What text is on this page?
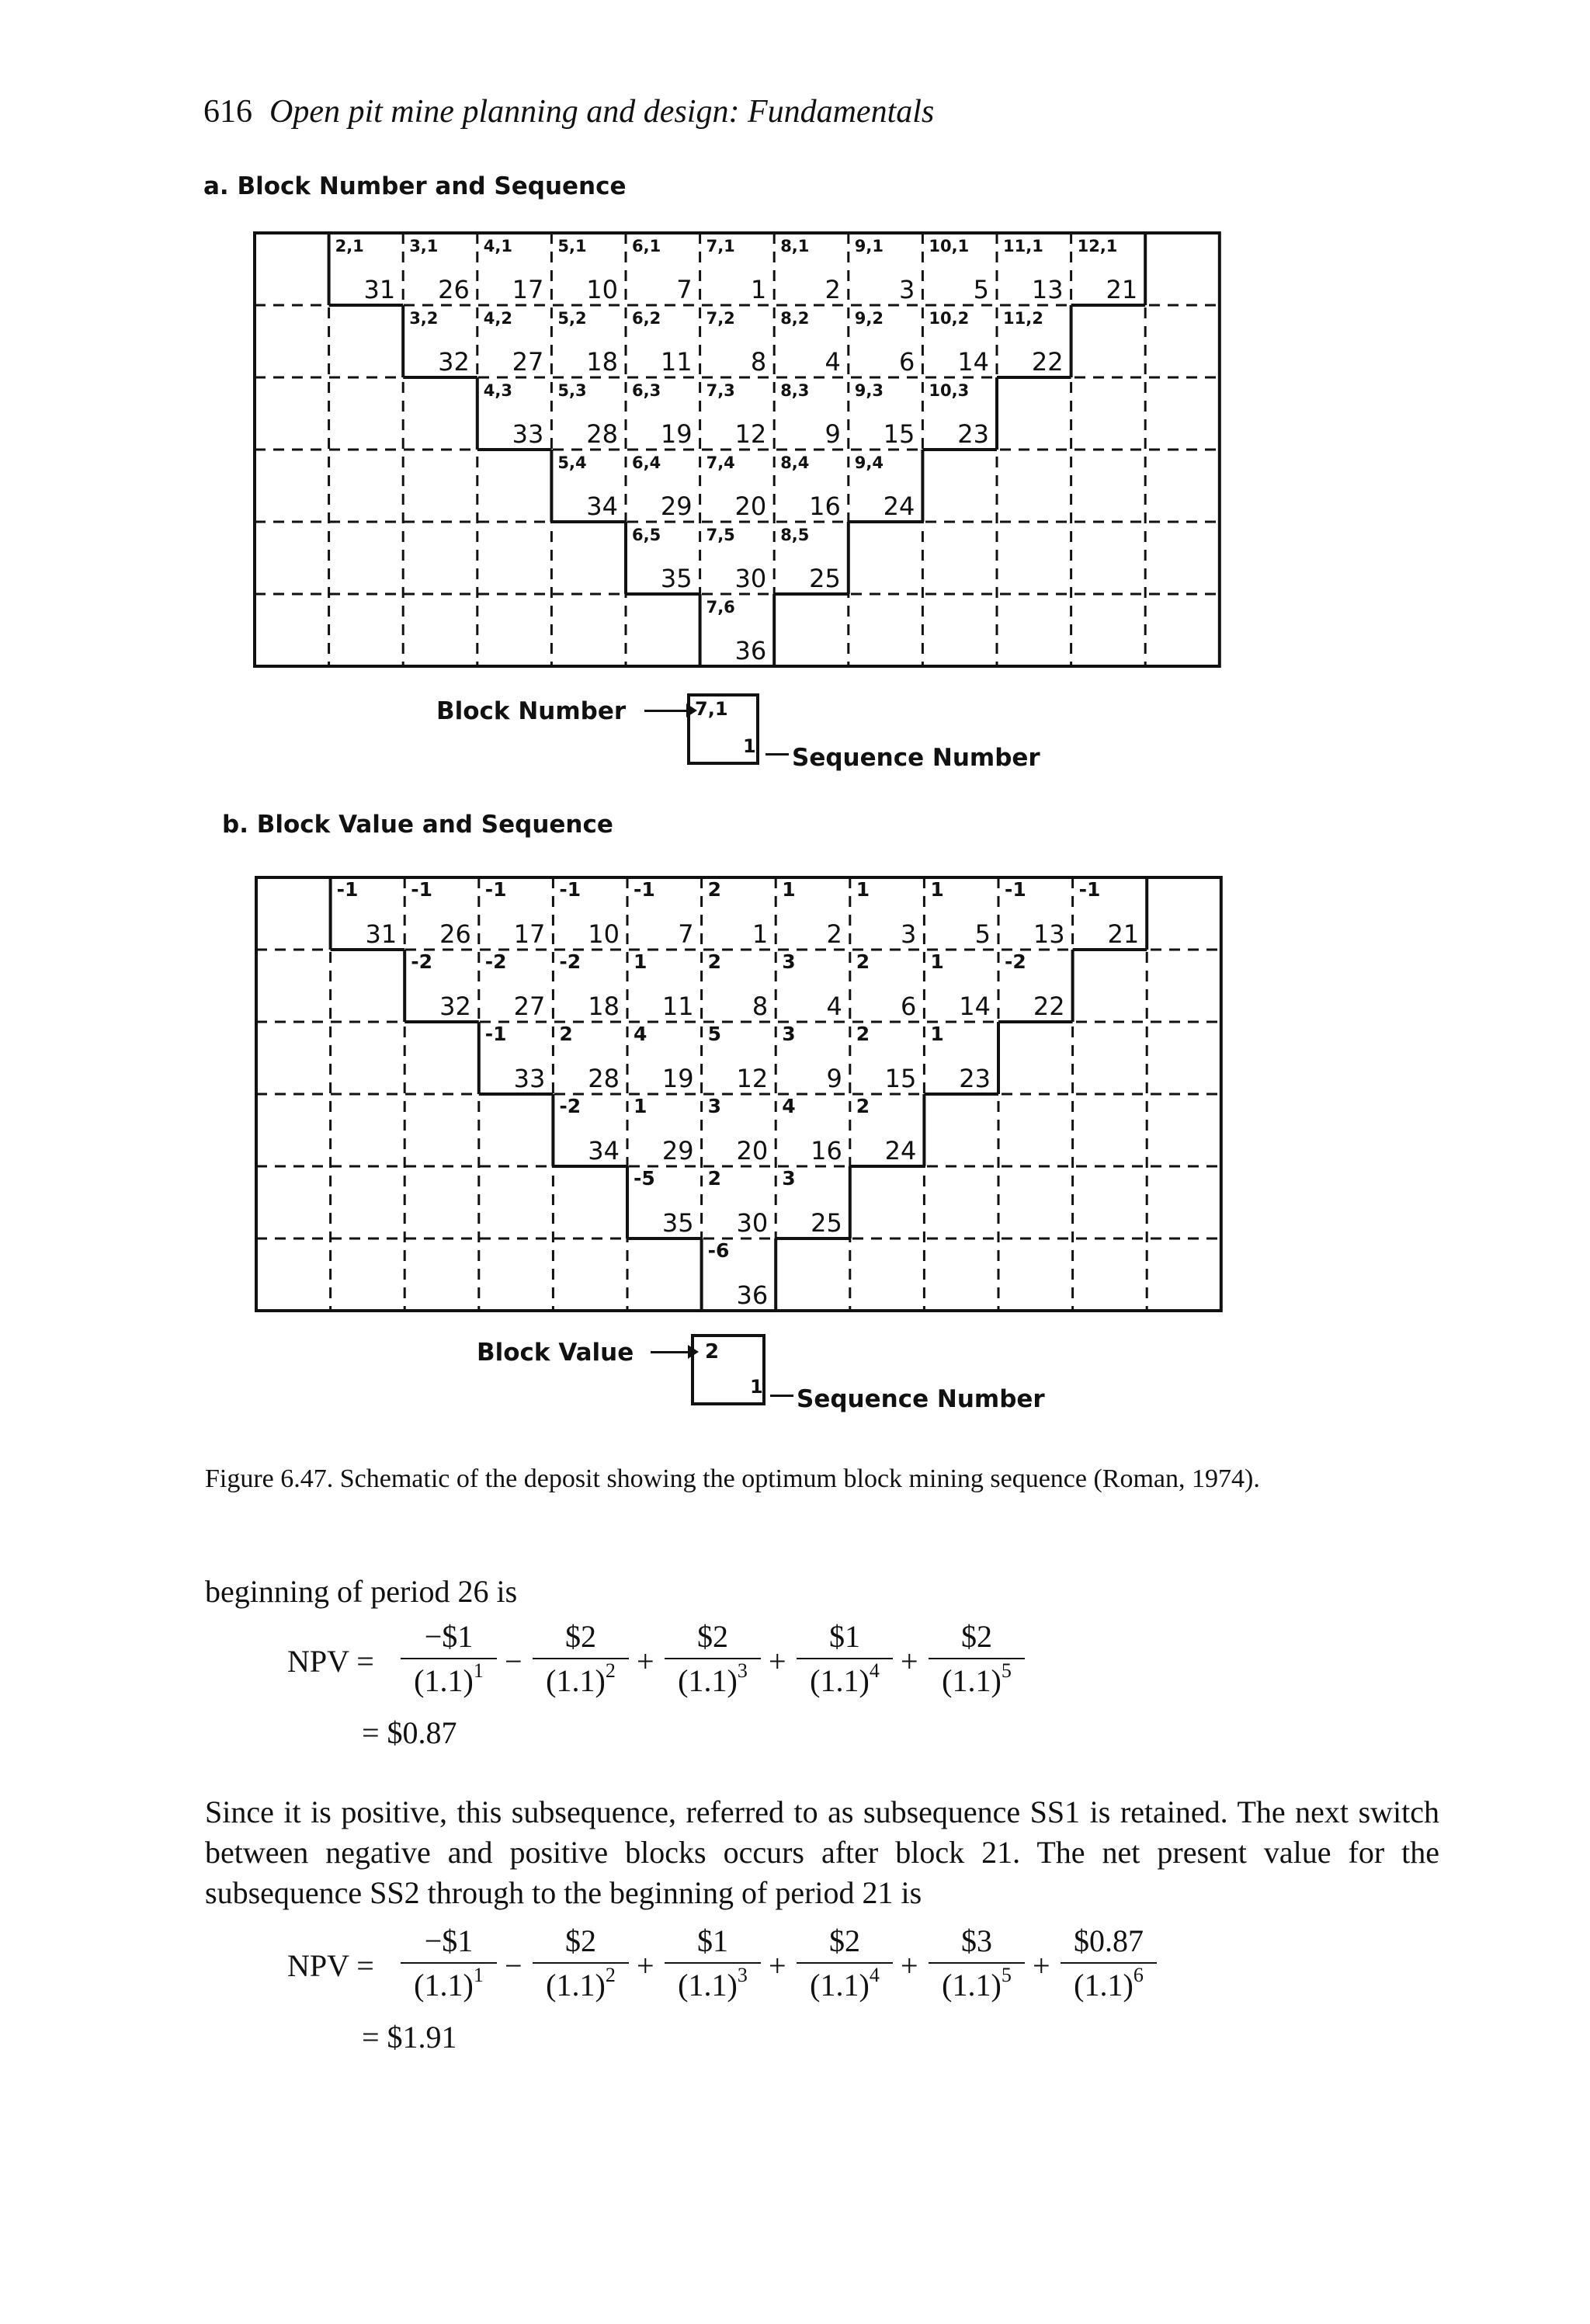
616 Open pit mine planning and design: Fundamentals
a. Block Number and Sequence
b. Block Value and Sequence
2,1
31
3,1
26
4,1
17
5,1
10
6,1
7
7,1
1
8,1
2
9,1
3
10,1
5
11,1
13
12,1
21
3,2
32
4,2
27
5,2
18
6,2
11
7,2
8
8,2
4
9,2
6
10,2
14
11,2
22
4,3
33
5,3
28
6,3
19
7,3
12
8,3
9
9,3
15
10,3
23
5,4
34
6,4
29
7,4
20
8,4
16
9,4
24
6,5
35
7,5
30
8,5
25
7,6
36
-1
31
-1
26
-1
17
-1
10
-1
7
2
1
1
2
1
3
1
5
-1
13
-1
21
-2
32
-2
27
-2
18
1
11
2
8
3
4
2
6
1
14
-2
22
-1
33
2
28
4
19
5
12
3
9
2
15
1
23
-2
34
1
29
3
20
4
16
2
24
-5
35
2
30
3
25
-6
36
Block Number	7,1
1 Sequence Number
Block Value	2
1 Sequence Number
Figure 6.47. Schematic of the deposit showing the optimum block mining sequence (Roman, 1974).
beginning of period 26 is
NPV =
−$1
$(1.1)^1$ −
$2
$(1.1)^2$ +
$2
$(1.1)^3$ +
$1
$(1.1)^4$ +
$2
$(1.1)^5$
= $0.87
Since it is positive, this subsequence, referred to as subsequence SS1 is retained. The next switch between negative and positive blocks occurs after block 21. The net present value for the subsequence SS2 through to the beginning of period 21 is
NPV =
−$1
$(1.1)^1$ −
$2
$(1.1)^2$ +
$1
$(1.1)^3$ +
$2
$(1.1)^4$ +
$3
$(1.1)^5$ +
$0.87
$(1.1)^6$
= $1.91
